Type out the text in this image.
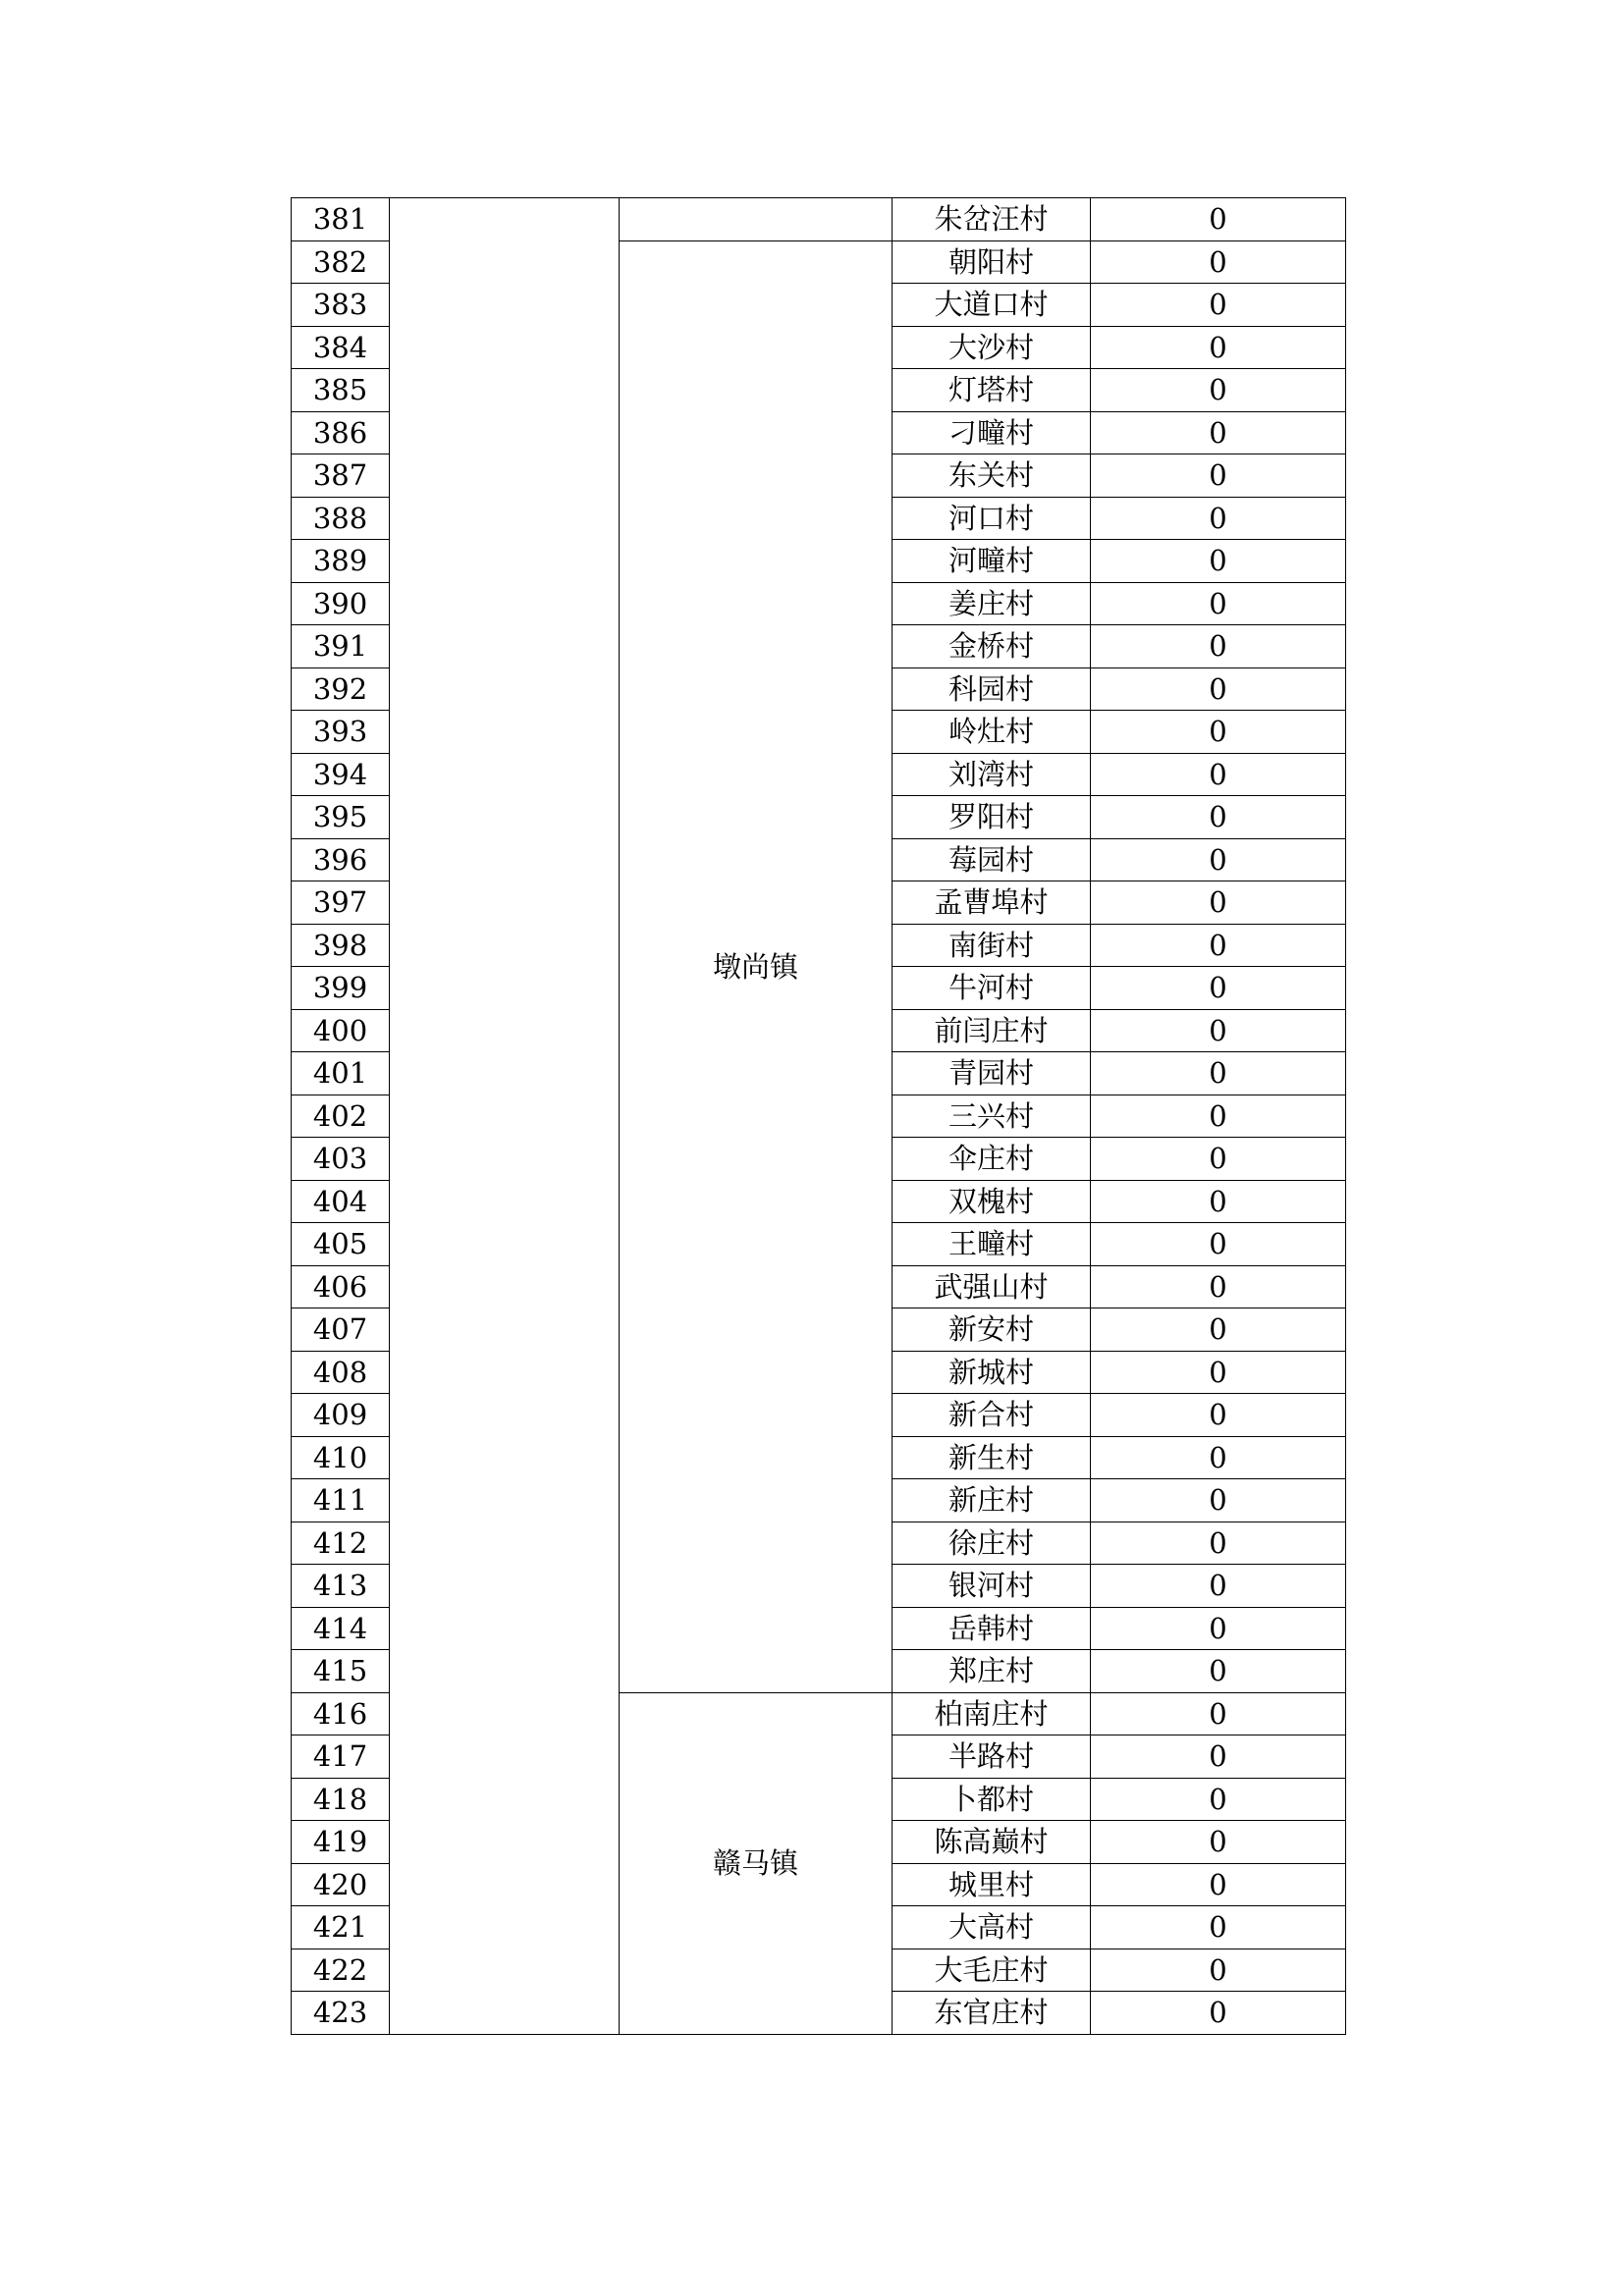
381			朱岔汪村	0
382		墩尚镇	朝阳村	0
383			大道口村	0
384			大沙村	0
385			灯塔村	0
386			刁疃村	0
387			东关村	0
388			河口村	0
389			河疃村	0
390			姜庄村	0
391			金桥村	0
392			科园村	0
393			岭灶村	0
394			刘湾村	0
395			罗阳村	0
396			莓园村	0
397			孟曹埠村	0
398			南街村	0
399			牛河村	0
400			前闫庄村	0
401			青园村	0
402			三兴村	0
403			伞庄村	0
404			双槐村	0
405			王疃村	0
406			武强山村	0
407			新安村	0
408			新城村	0
409			新合村	0
410			新生村	0
411			新庄村	0
412			徐庄村	0
413			银河村	0
414			岳韩村	0
415			郑庄村	0
416		赣马镇	柏南庄村	0
417			半路村	0
418			卜都村	0
419			陈高巅村	0
420			城里村	0
421			大高村	0
422			大毛庄村	0
423			东官庄村	0
